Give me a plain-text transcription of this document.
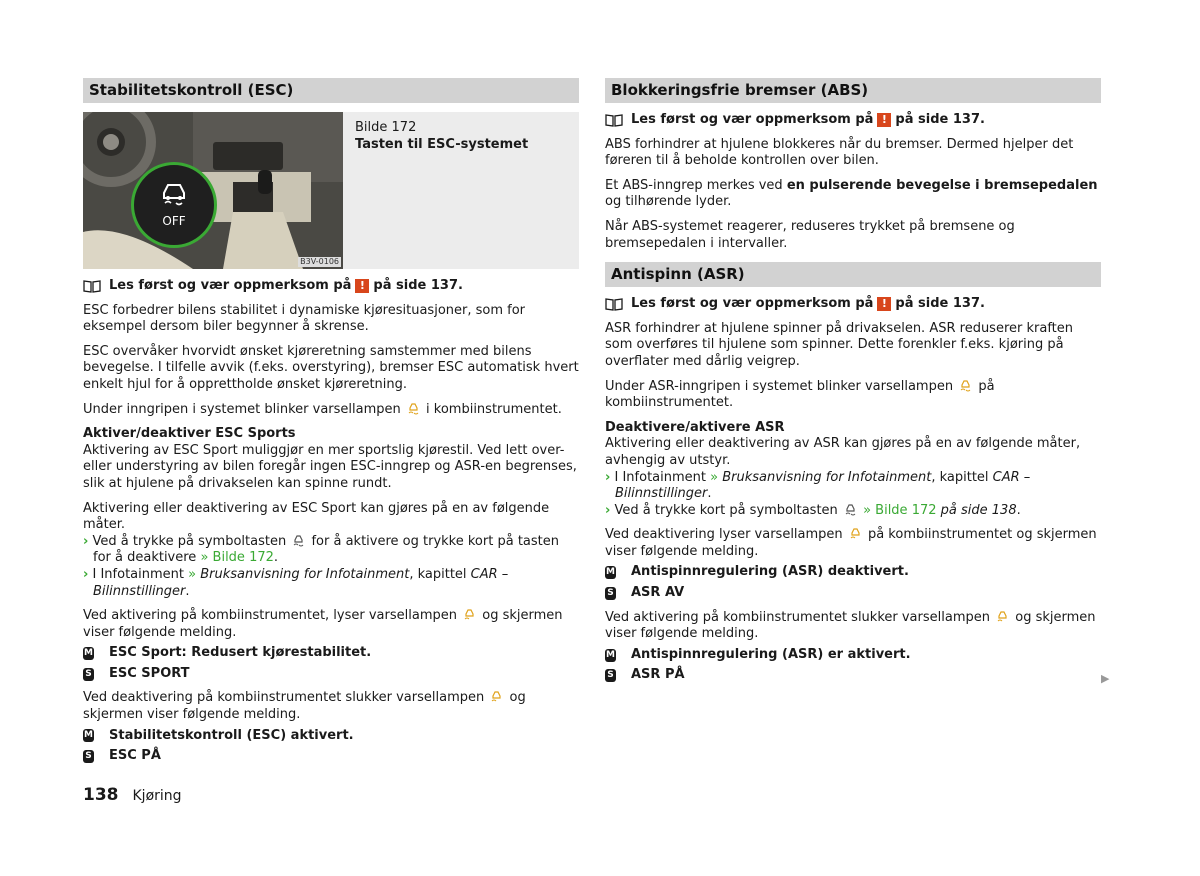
Stabilitetskontroll (ESC)
OFF
B3V-0106
Bilde 172
Tasten til ESC-systemet
Les først og vær oppmerksom på ! på side 137.

ESC forbedrer bilens stabilitet i dynamiske kjøresituasjoner, som for eksempel dersom biler begynner å skrense.

ESC overvåker hvorvidt ønsket kjøreretning samstemmer med bilens bevegelse. I tilfelle avvik (f.eks. overstyring), bremser ESC automatisk hvert enkelt hjul for å opprettholde ønsket kjøreretning.

Under inngripen i systemet blinker varsellampen i kombiinstrumentet.

Aktiver/deaktiver ESC Sports

Aktivering av ESC Sport muliggjør en mer sportslig kjørestil. Ved lett over- eller understyring av bilen foregår ingen ESC-inngrep og ASR-en begrenses, slik at hjulene på drivakselen kan spinne rundt.

Aktivering eller deaktivering av ESC Sport kan gjøres på en av følgende måter.

› Ved å trykke på symboltasten for å aktivere og trykke kort på tasten for å deaktivere » Bilde 172.
› I Infotainment » Bruksanvisning for Infotainment, kapittel CAR – Bilinnstillinger.

Ved aktivering på kombiinstrumentet, lyser varsellampen og skjermen viser følgende melding.

M ESC Sport: Redusert kjørestabilitet.
S ESC SPORT

Ved deaktivering på kombiinstrumentet slukker varsellampen og skjermen viser følgende melding.

M Stabilitetskontroll (ESC) aktivert.
S ESC PÅ
Blokkeringsfrie bremser (ABS)
Les først og vær oppmerksom på ! på side 137.

ABS forhindrer at hjulene blokkeres når du bremser. Dermed hjelper det føreren til å beholde kontrollen over bilen.

Et ABS-inngrep merkes ved en pulserende bevegelse i bremsepedalen og tilhørende lyder.

Når ABS-systemet reagerer, reduseres trykket på bremsene og bremsepedalen i intervaller.

Antispinn (ASR)
Les først og vær oppmerksom på ! på side 137.

ASR forhindrer at hjulene spinner på drivakselen. ASR reduserer kraften som overføres til hjulene som spinner. Dette forenkler f.eks. kjøring på overflater med dårlig veigrep.

Under ASR-inngripen i systemet blinker varsellampen på kombiinstrumentet.

Deaktivere/aktivere ASR

Aktivering eller deaktivering av ASR kan gjøres på en av følgende måter, avhengig av utstyr.

› I Infotainment » Bruksanvisning for Infotainment, kapittel CAR – Bilinnstillinger.
› Ved å trykke kort på symboltasten » Bilde 172 på side 138.

Ved deaktivering lyser varsellampen på kombiinstrumentet og skjermen viser følgende melding.

M Antispinnregulering (ASR) deaktivert.
S ASR AV

Ved aktivering på kombiinstrumentet slukker varsellampen og skjermen viser følgende melding.

M Antispinnregulering (ASR) er aktivert.
S ASR PÅ	▶
138 Kjøring
